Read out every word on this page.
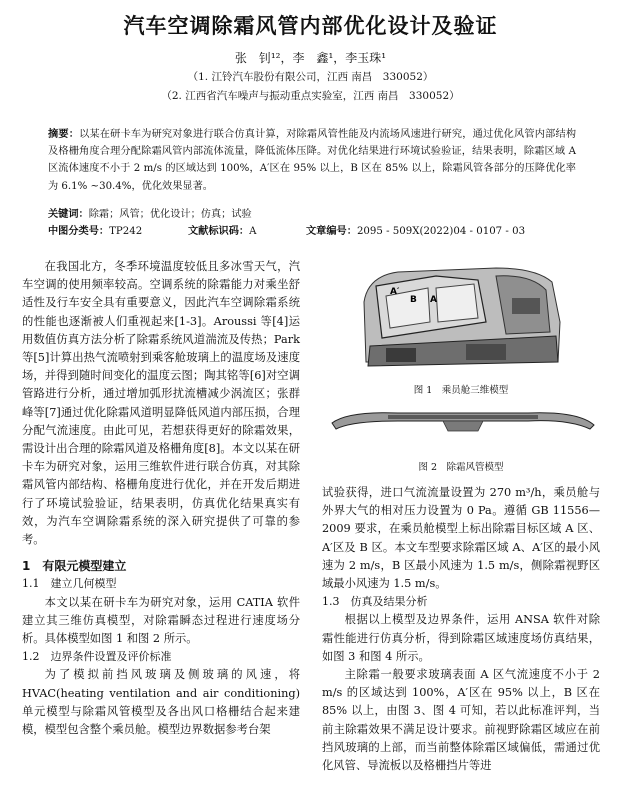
汽车空调除霜风管内部优化设计及验证
张　钊¹²，李　鑫¹，李玉珠¹
（1. 江铃汽车股份有限公司，江西 南昌　330052）
（2. 江西省汽车噪声与振动重点实验室，江西 南昌　330052）
摘要：以某在研卡车为研究对象进行联合仿真计算，对除霜风管性能及内流场风速进行研究，通过优化风管内部结构及格栅角度合理分配除霜风管内部流体流量，降低流体压降。对优化结果进行环境试验验证，结果表明，除霜区域 A 区流体速度不小于 2 m/s 的区域达到 100%，A′区在 95% 以上，B 区在 85% 以上，除霜风管各部分的压降优化率为 6.1% ~30.4%，优化效果显著。
关键词：除霜；风管；优化设计；仿真；试验
中图分类号：TP242	文献标识码：A	文章编号：2095 - 509X(2022)04 - 0107 - 03

在我国北方，冬季环境温度较低且多冰雪天气，汽车空调的使用频率较高。空调系统的除霜能力对乘坐舒适性及行车安全具有重要意义，因此汽车空调除霜系统的性能也逐渐被人们重视起来[1-3]。Aroussi 等[4]运用数值仿真方法分析了除霜系统风道湍流及传热；Park 等[5]计算出热气流喷射到乘客舱玻璃上的温度场及速度场，并得到随时间变化的温度云图；陶其铭等[6]对空调管路进行分析，通过增加弧形扰流槽减少涡流区；张群峰等[7]通过优化除霜风道明显降低风道内部压损，合理分配气流速度。由此可见，若想获得更好的除霜效果，需设计出合理的除霜风道及格栅角度[8]。本文以某在研卡车为研究对象，运用三维软件进行联合仿真，对其除霜风管内部结构、格栅角度进行优化，并在开发后期进行了环境试验验证，结果表明，仿真优化结果真实有效，为汽车空调除霜系统的深入研究提供了可靠的参考。

1　有限元模型建立
1.1　建立几何模型

本文以某在研卡车为研究对象，运用 CATIA 软件建立其三维仿真模型，对除霜瞬态过程进行速度场分析。具体模型如图 1 和图 2 所示。

1.2　边界条件设置及评价标准

为了模拟前挡风玻璃及侧玻璃的风速，将 HVAC(heating ventilation and air conditioning)单元模型与除霜风管模型及各出风口格栅结合起来建模，模型包含整个乘员舱。模型边界数据参考台架

A′
B A
图 1　乘员舱三维模型
图 2　除霜风管模型

试验获得，进口气流流量设置为 270 m³/h，乘员舱与外界大气的相对压力设置为 0 Pa。遵循 GB 11556—2009 要求，在乘员舱模型上标出除霜目标区域 A 区、A′区及 B 区。本文车型要求除霜区域 A、A′区的最小风速为 2 m/s，B 区最小风速为 1.5 m/s，侧除霜视野区域最小风速为 1.5 m/s。

1.3　仿真及结果分析

根据以上模型及边界条件，运用 ANSA 软件对除霜性能进行仿真分析，得到除霜区域速度场仿真结果，如图 3 和图 4 所示。

主除霜一般要求玻璃表面 A 区气流速度不小于 2 m/s 的区域达到 100%，A′区在 95% 以上，B 区在 85% 以上，由图 3、图 4 可知，若以此标准评判，当前主除霜效果不满足设计要求。前视野除霜区域应在前挡风玻璃的上部，而当前整体除霜区域偏低，需通过优化风管、导流板以及格栅挡片等进
